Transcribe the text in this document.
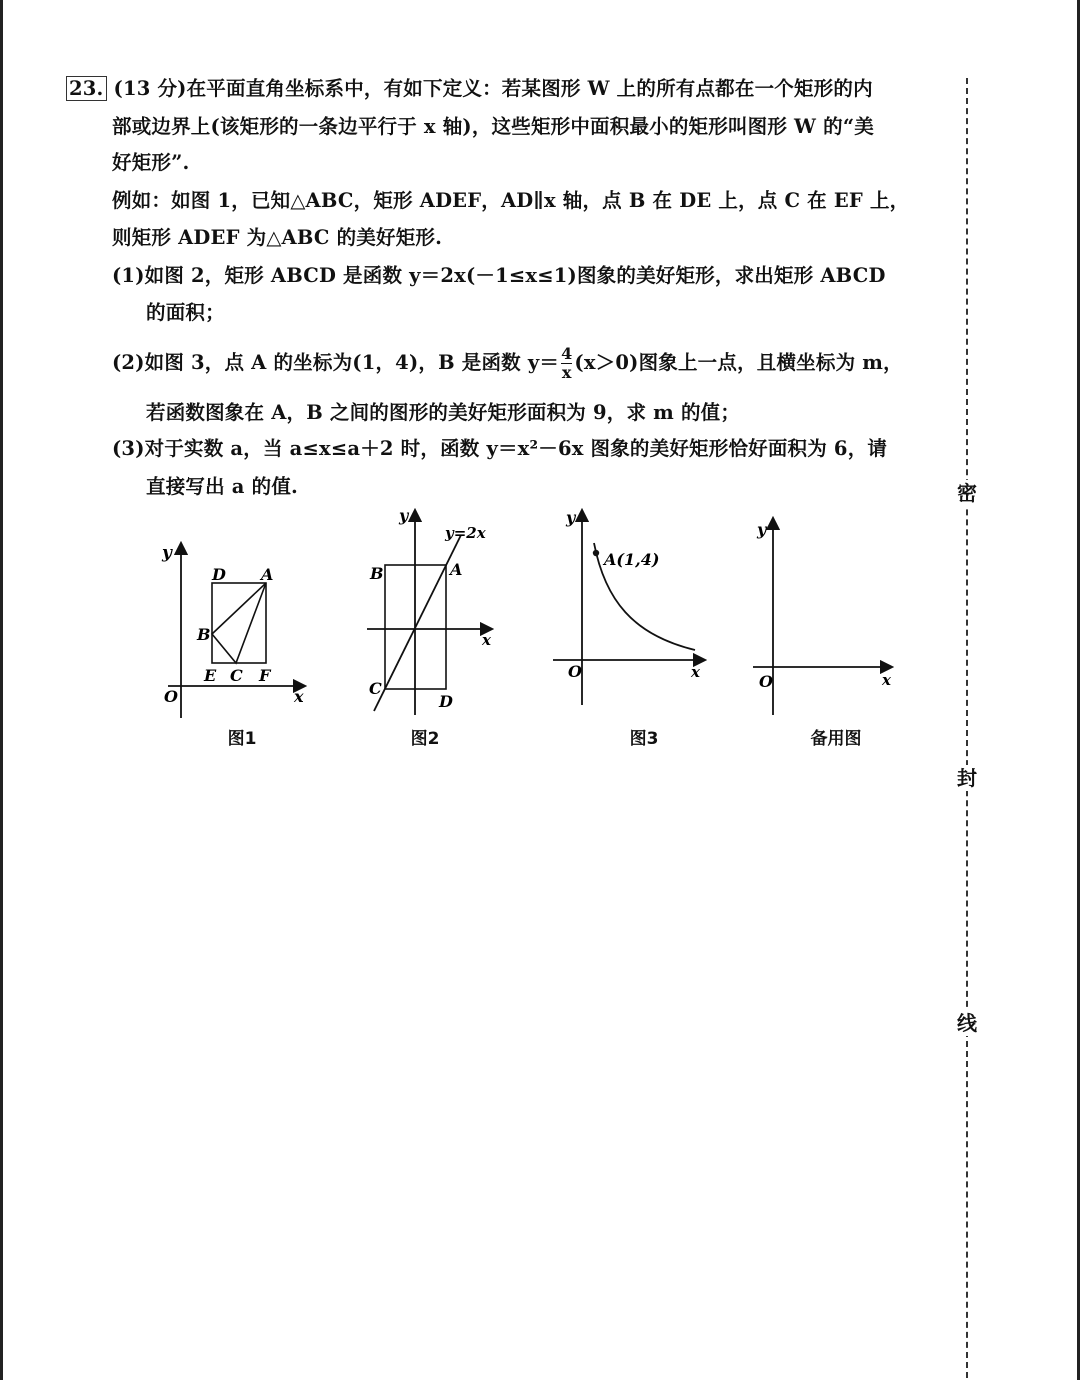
密
封
线
23. (13 分)在平面直角坐标系中，有如下定义：若某图形 W 上的所有点都在一个矩形的内
部或边界上(该矩形的一条边平行于 x 轴)，这些矩形中面积最小的矩形叫图形 W 的“美
好矩形”.
例如：如图 1，已知△ABC，矩形 ADEF，AD∥x 轴，点 B 在 DE 上，点 C 在 EF 上，
则矩形 ADEF 为△ABC 的美好矩形.
(1)如图 2，矩形 ABCD 是函数 y＝2x(－1≤x≤1)图象的美好矩形，求出矩形 ABCD
的面积；
(2)如图 3，点 A 的坐标为(1，4)，B 是函数 $y= \frac{4}{x} (x>0)$图象上一点，且横坐标为 m，
若函数图象在 A，B 之间的图形的美好矩形面积为 9，求 m 的值；
(3)对于实数 a，当 a≤x≤a＋2 时，函数 y＝x²－6x 图象的美好矩形恰好面积为 6，请
直接写出 a 的值.
y
x
O
D A
B
E C F
图1
y
x
y=2x
A
B
C
D
图2
y
x
O
A(1,4)
图3
y
x
O
备用图
